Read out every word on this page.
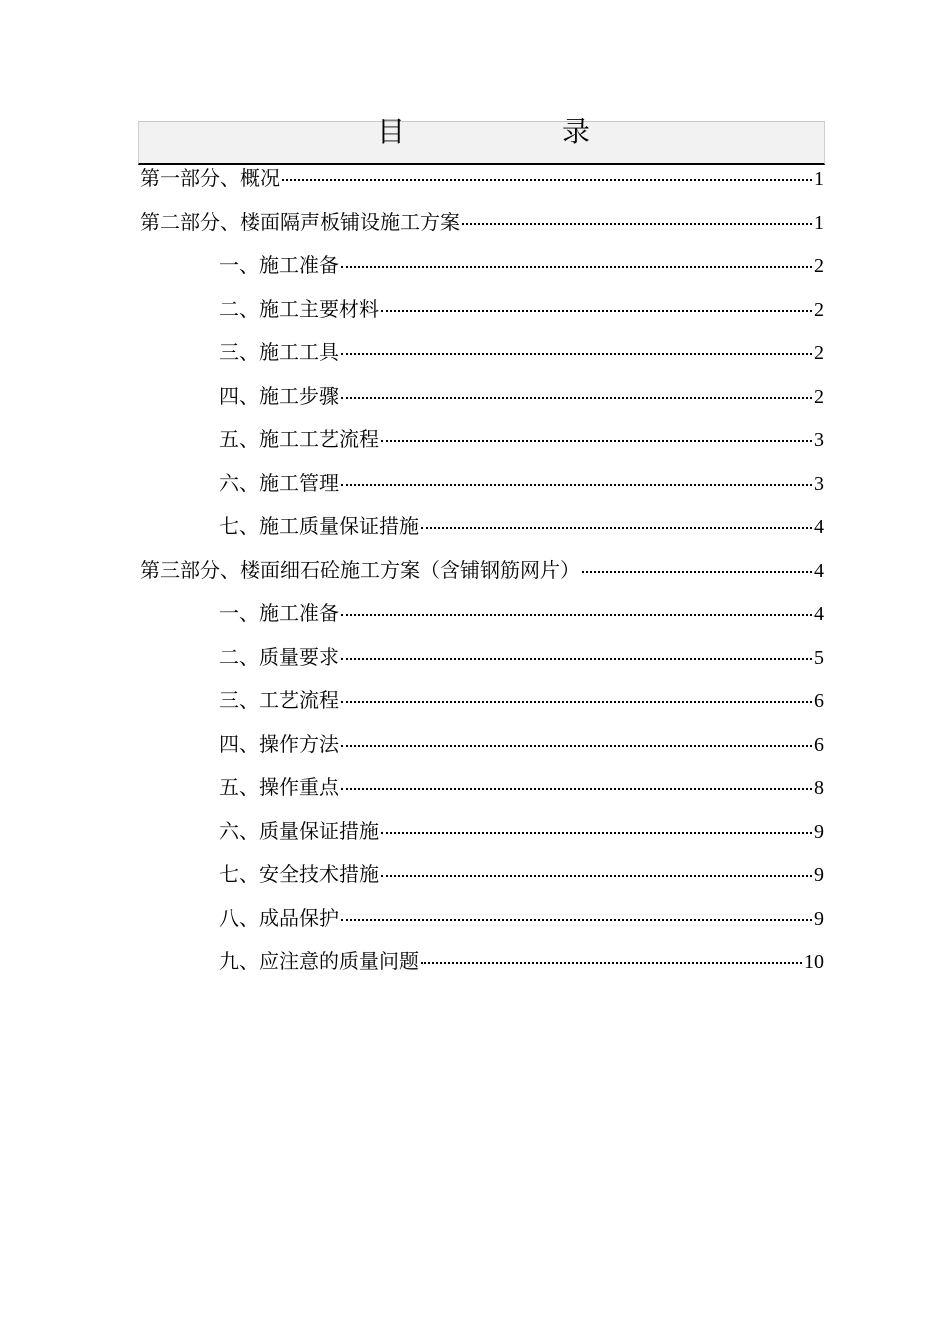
目	录
第一部分、概况	1
第二部分、楼面隔声板铺设施工方案	1
一、施工准备	2
二、施工主要材料	2
三、施工工具	2
四、施工步骤	2
五、施工工艺流程	3
六、施工管理	3
七、施工质量保证措施	4
第三部分、楼面细石砼施工方案（含铺钢筋网片）	4
一、施工准备	4
二、质量要求	5
三、工艺流程	6
四、操作方法	6
五、操作重点	8
六、质量保证措施	9
七、安全技术措施	9
八、成品保护	9
九、应注意的质量问题	10
